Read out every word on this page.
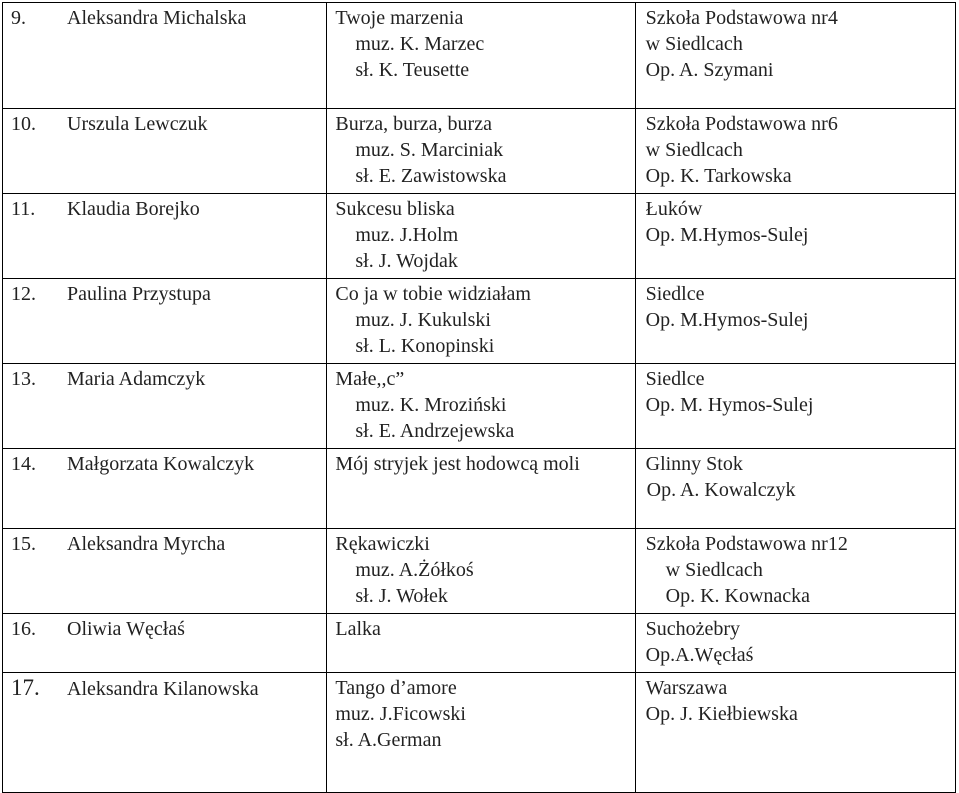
9. Aleksandra Michalska	Twoje marzenia
muz. K. Marzec
sł. K. Teusette	Szkoła Podstawowa nr4
w Siedlcach
Op. A. Szymani

10. Urszula Lewczuk	Burza, burza, burza
muz. S. Marciniak
sł. E. Zawistowska	Szkoła Podstawowa nr6
w Siedlcach
Op. K. Tarkowska

11. Klaudia Borejko	Sukcesu bliska
muz. J.Holm
sł. J. Wojdak	Łuków
Op. M.Hymos-Sulej

12. Paulina Przystupa	Co ja w tobie widziałam
muz. J. Kukulski
sł. L. Konopinski	Siedlce
Op. M.Hymos-Sulej

13. Maria Adamczyk	Małe,,c”
muz. K. Mroziński
sł. E. Andrzejewska	Siedlce
Op. M. Hymos-Sulej

14. Małgorzata Kowalczyk	Mój stryjek jest hodowcą moli	Glinny Stok
Op. A. Kowalczyk

15. Aleksandra Myrcha	Rękawiczki
muz. A.Żółkoś
sł. J. Wołek	Szkoła Podstawowa nr12
w Siedlcach
Op. K. Kownacka

16. Oliwia Węcłaś	Lalka	Suchożebry
Op.A.Węcłaś

17. Aleksandra Kilanowska	Tango d’amore
muz. J.Ficowski
sł. A.German	Warszawa
Op. J. Kiełbiewska
